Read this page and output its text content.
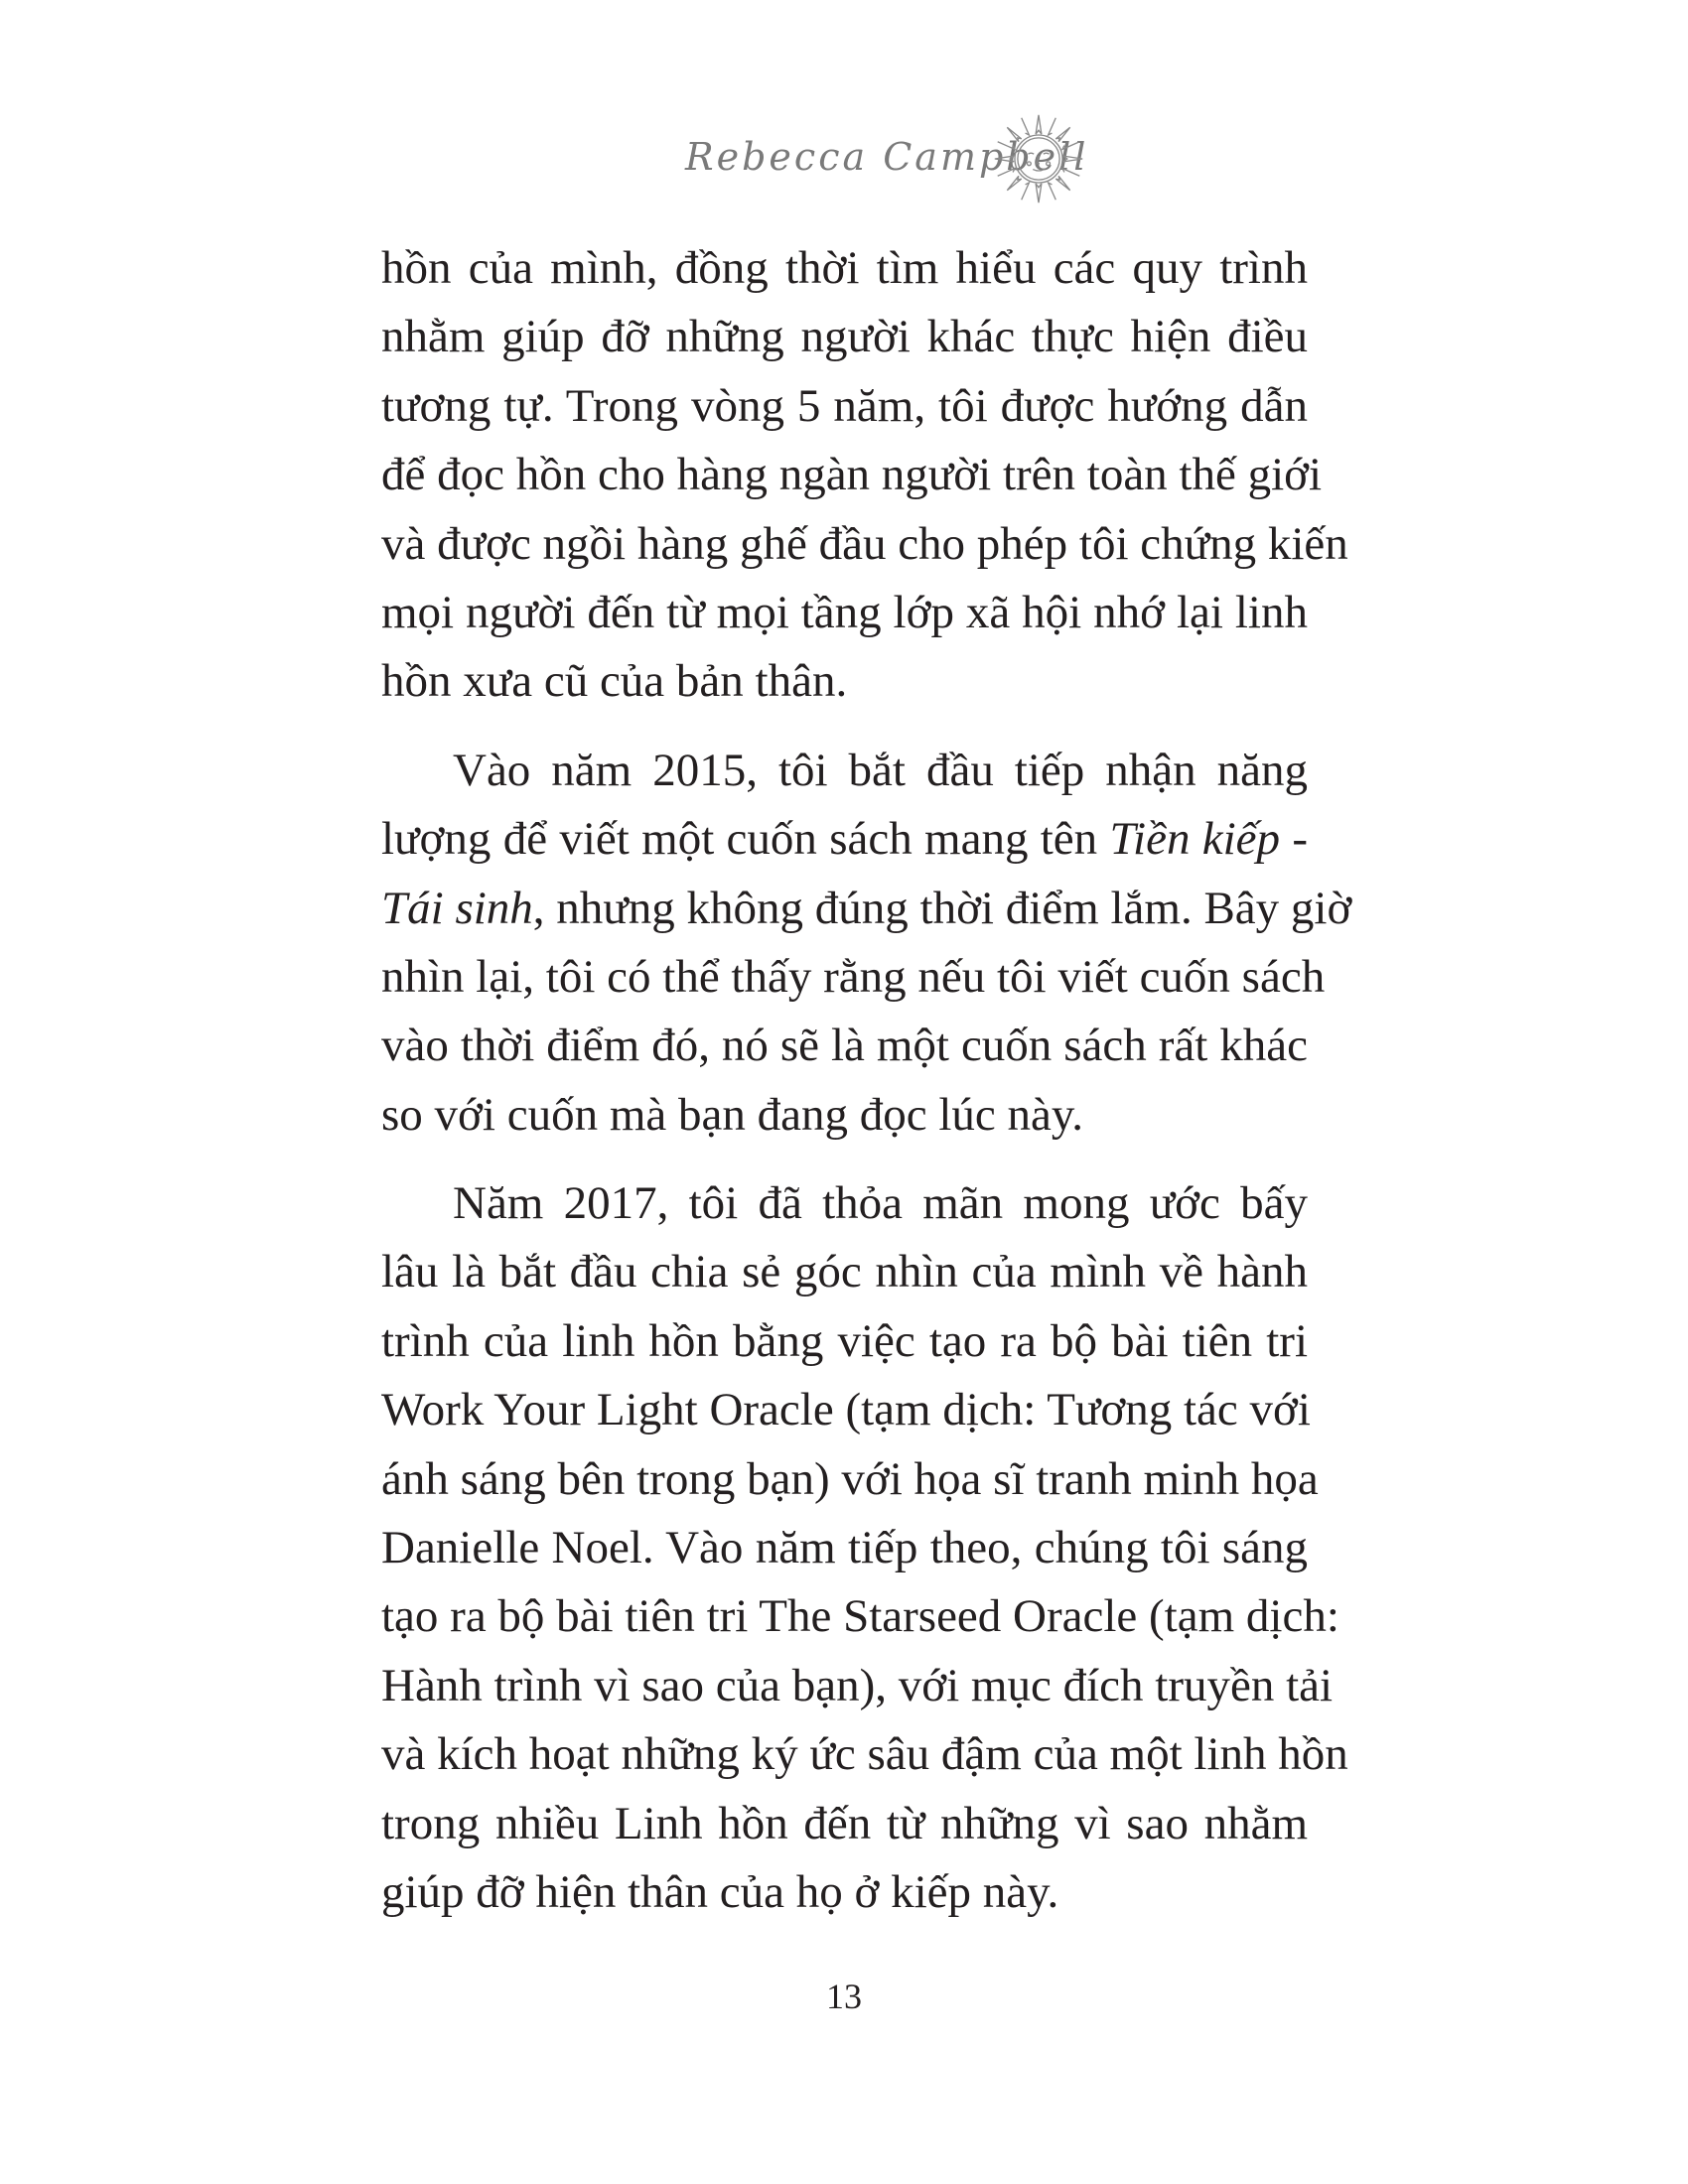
Rebecca Campbell
hồn của mình, đồng thời tìm hiểu các quy trình
nhằm giúp đỡ những người khác thực hiện điều
tương tự. Trong vòng 5 năm, tôi được hướng dẫn
để đọc hồn cho hàng ngàn người trên toàn thế giới
và được ngồi hàng ghế đầu cho phép tôi chứng kiến
mọi người đến từ mọi tầng lớp xã hội nhớ lại linh
hồn xưa cũ của bản thân.
Vào năm 2015, tôi bắt đầu tiếp nhận năng
lượng để viết một cuốn sách mang tên Tiền kiếp -
Tái sinh, nhưng không đúng thời điểm lắm. Bây giờ
nhìn lại, tôi có thể thấy rằng nếu tôi viết cuốn sách
vào thời điểm đó, nó sẽ là một cuốn sách rất khác
so với cuốn mà bạn đang đọc lúc này.
Năm 2017, tôi đã thỏa mãn mong ước bấy
lâu là bắt đầu chia sẻ góc nhìn của mình về hành
trình của linh hồn bằng việc tạo ra bộ bài tiên tri
Work Your Light Oracle (tạm dịch: Tương tác với
ánh sáng bên trong bạn) với họa sĩ tranh minh họa
Danielle Noel. Vào năm tiếp theo, chúng tôi sáng
tạo ra bộ bài tiên tri The Starseed Oracle (tạm dịch:
Hành trình vì sao của bạn), với mục đích truyền tải
và kích hoạt những ký ức sâu đậm của một linh hồn
trong nhiều Linh hồn đến từ những vì sao nhằm
giúp đỡ hiện thân của họ ở kiếp này.
13
